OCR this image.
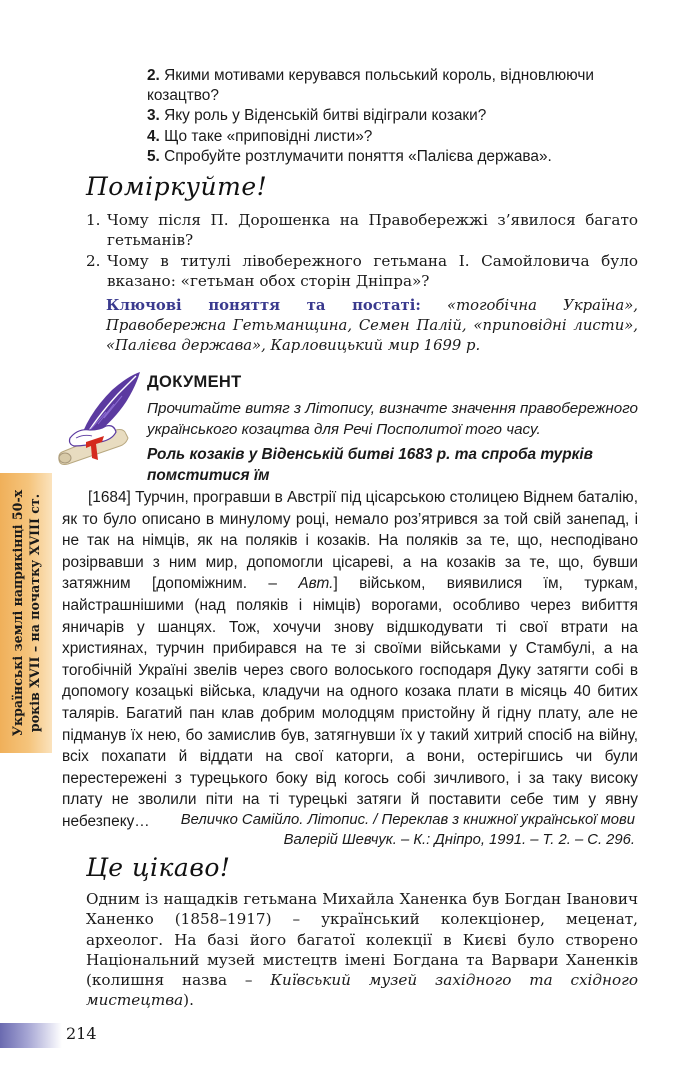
2. Якими мотивами керувався польський король, відновлюючи козацтво?
3. Яку роль у Віденській битві відіграли козаки?
4. Що таке «приповідні листи»?
5. Спробуйте розтлумачити поняття «Палієва держава».
Поміркуйте!
1. Чому після П. Дорошенка на Правобережжі з’явилося багато гетьманів?
2. Чому в титулі лівобережного гетьмана І. Самойловича було вказано: «гетьман обох сторін Дніпра»?
Ключові поняття та постаті: «тогобічна Україна», Правобережна Гетьманщина, Семен Палій, «приповідні листи», «Палієва держава», Карловицький мир 1699 р.
ДОКУМЕНТ
Прочитайте витяг з Літопису, визначте значення правобережного українського козацтва для Речі Посполитої того часу.
Роль козаків у Віденській битві 1683 р. та спроба турків помститися їм
[1684] Турчин, програвши в Австрії під цісарською столицею Віднем баталію, як то було описано в минулому році, немало роз’ятрився за той свій занепад, і не так на німців, як на поляків і козаків. На поляків за те, що, несподівано розірвавши з ним мир, допомогли цісареві, а на козаків за те, що, бувши затяжним [допоміжним. – Авт.] військом, виявилися їм, туркам, найстрашнішими (над поляків і німців) ворогами, особливо через вибиття яничарів у шанцях. Тож, хочучи знову відшкодувати ті свої втрати на християнах, турчин прибирався на те зі своїми військами у Стамбулі, а на тогобічній Україні звелів через свого волоського господаря Дуку затягти собі в допомогу козацькі війська, кладучи на одного козака плати в місяць 40 битих талярів. Багатий пан клав добрим молодцям пристойну й гідну плату, але не підманув їх нею, бо замислив був, затягнувши їх у такий хитрий спосіб на війну, всіх похапати й віддати на свої каторги, а вони, остерігшись чи були перестережені з турецького боку від когось собі зичливого, і за таку високу плату не зволили піти на ті турецькі затяги й поставити себе тим у явну небезпеку…	Величко Самійло. Літопис. / Переклав з книжної української мови
Валерій Шевчук. – К.: Дніпро, 1991. – Т. 2. – С. 296.
Це цікаво!
Одним із нащадків гетьмана Михайла Ханенка був Богдан Іванович Ханенко (1858–1917) – український колекціонер, меценат, археолог. На базі його багатої колекції в Києві було створено Національний музей мистецтв імені Богдана та Варвари Ханенків (колишня назва – Київський музей західного та східного мистецтва).
Українські землі наприкінці 50-х років XVII – на початку XVIII ст.
214
